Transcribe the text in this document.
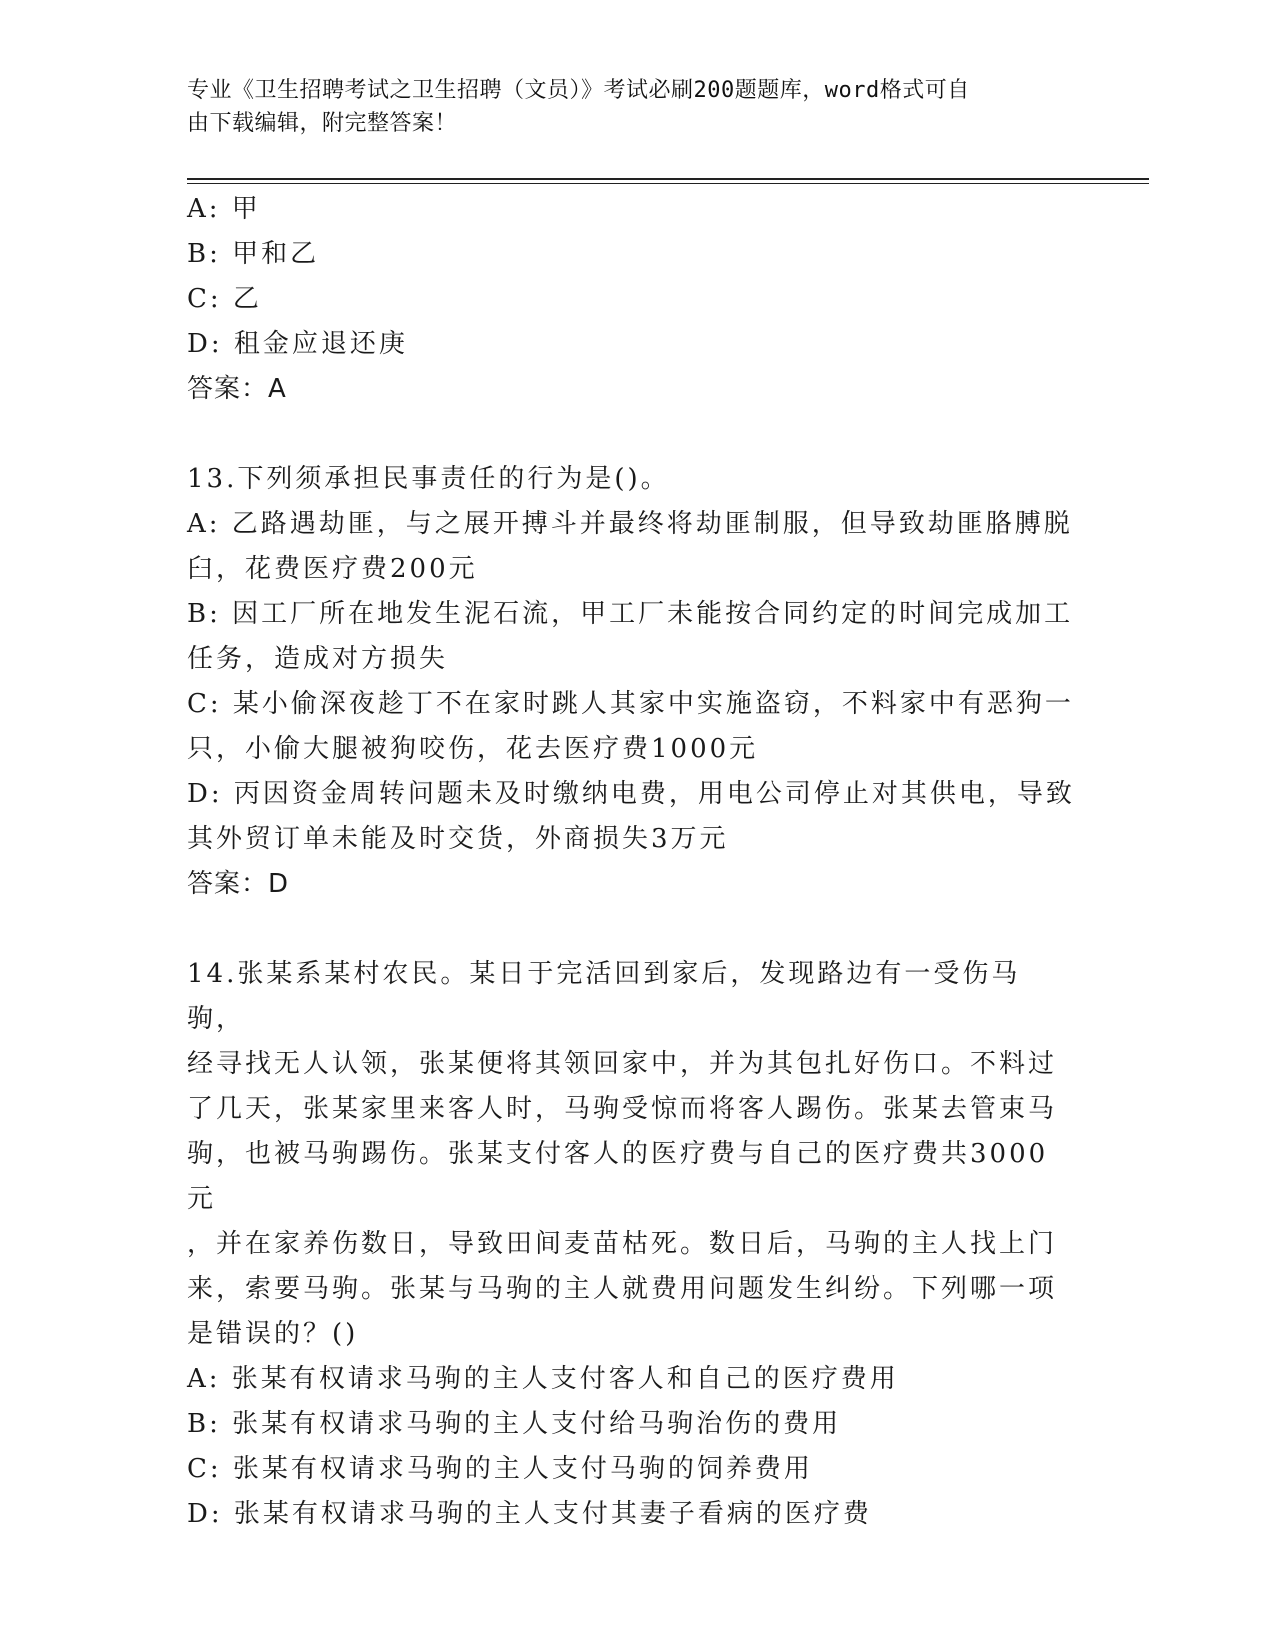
专业《卫生招聘考试之卫生招聘（文员）》考试必刷200题题库，word格式可自
由下载编辑，附完整答案！
A: 甲
B: 甲和乙
C: 乙
D: 租金应退还庚
答案：A
13.下列须承担民事责任的行为是()。
A: 乙路遇劫匪，与之展开搏斗并最终将劫匪制服，但导致劫匪胳膊脱
臼，花费医疗费200元
B: 因工厂所在地发生泥石流，甲工厂未能按合同约定的时间完成加工
任务，造成对方损失
C: 某小偷深夜趁丁不在家时跳人其家中实施盗窃，不料家中有恶狗一
只，小偷大腿被狗咬伤，花去医疗费1000元
D: 丙因资金周转问题未及时缴纳电费，用电公司停止对其供电，导致
其外贸订单未能及时交货，外商损失3万元
答案：D
14.张某系某村农民。某日于完活回到家后，发现路边有一受伤马驹，
经寻找无人认领，张某便将其领回家中，并为其包扎好伤口。不料过
了几天，张某家里来客人时，马驹受惊而将客人踢伤。张某去管束马
驹，也被马驹踢伤。张某支付客人的医疗费与自己的医疗费共3000元
，并在家养伤数日，导致田间麦苗枯死。数日后，马驹的主人找上门
来，索要马驹。张某与马驹的主人就费用问题发生纠纷。下列哪一项
是错误的？()
A: 张某有权请求马驹的主人支付客人和自己的医疗费用
B: 张某有权请求马驹的主人支付给马驹治伤的费用
C: 张某有权请求马驹的主人支付马驹的饲养费用
D: 张某有权请求马驹的主人支付其妻子看病的医疗费
